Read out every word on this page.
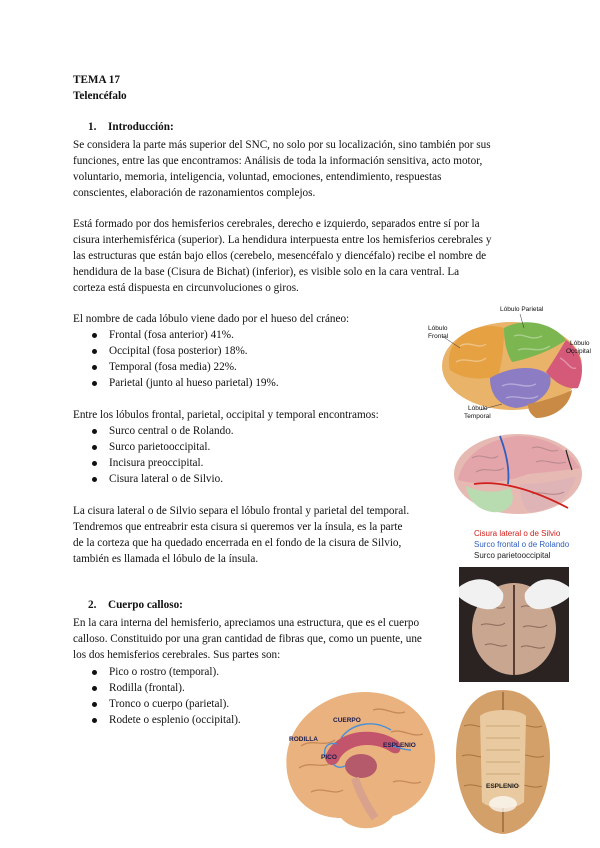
TEMA 17
Telencéfalo
1. Introducción:
Se considera la parte más superior del SNC, no solo por su localización, sino también por sus
funciones, entre las que encontramos: Análisis de toda la información sensitiva, acto motor,
voluntario, memoria, inteligencia, voluntad, emociones, entendimiento, respuestas
conscientes, elaboración de razonamientos complejos.
Está formado por dos hemisferios cerebrales, derecho e izquierdo, separados entre sí por la
cisura interhemisférica (superior). La hendidura interpuesta entre los hemisferios cerebrales y
las estructuras que están bajo ellos (cerebelo, mesencéfalo y diencéfalo) recibe el nombre de
hendidura de la base (Cisura de Bichat) (inferior), es visible solo en la cara ventral. La
corteza está dispuesta en circunvoluciones o giros.
El nombre de cada lóbulo viene dado por el hueso del cráneo:
Frontal (fosa anterior) 41%.
Occipital (fosa posterior) 18%.
Temporal (fosa media) 22%.
Parietal (junto al hueso parietal) 19%.
Entre los lóbulos frontal, parietal, occipital y temporal encontramos:
Surco central o de Rolando.
Surco parietooccipital.
Incisura preoccipital.
Cisura lateral o de Silvio.
La cisura lateral o de Silvio separa el lóbulo frontal y parietal del temporal.
Tendremos que entreabrir esta cisura si queremos ver la ínsula, es la parte
de la corteza que ha quedado encerrada en el fondo de la cisura de Silvio,
también es llamada el lóbulo de la ínsula.
2. Cuerpo calloso:
En la cara interna del hemisferio, apreciamos una estructura, que es el cuerpo
calloso. Constituido por una gran cantidad de fibras que, como un puente, une
los dos hemisferios cerebrales. Sus partes son:
Pico o rostro (temporal).
Rodilla (frontal).
Tronco o cuerpo (parietal).
Rodete o esplenio (occipital).
Lóbulo Parietal
Lóbulo
Frontal
Lóbulo
Occipital
Lóbulo
Temporal
Cisura lateral o de Silvio
Surco frontal o de Rolando
Surco parietooccipital
CUERPO
RODILLA
ESPLENIO
PICO
ESPLENIO
